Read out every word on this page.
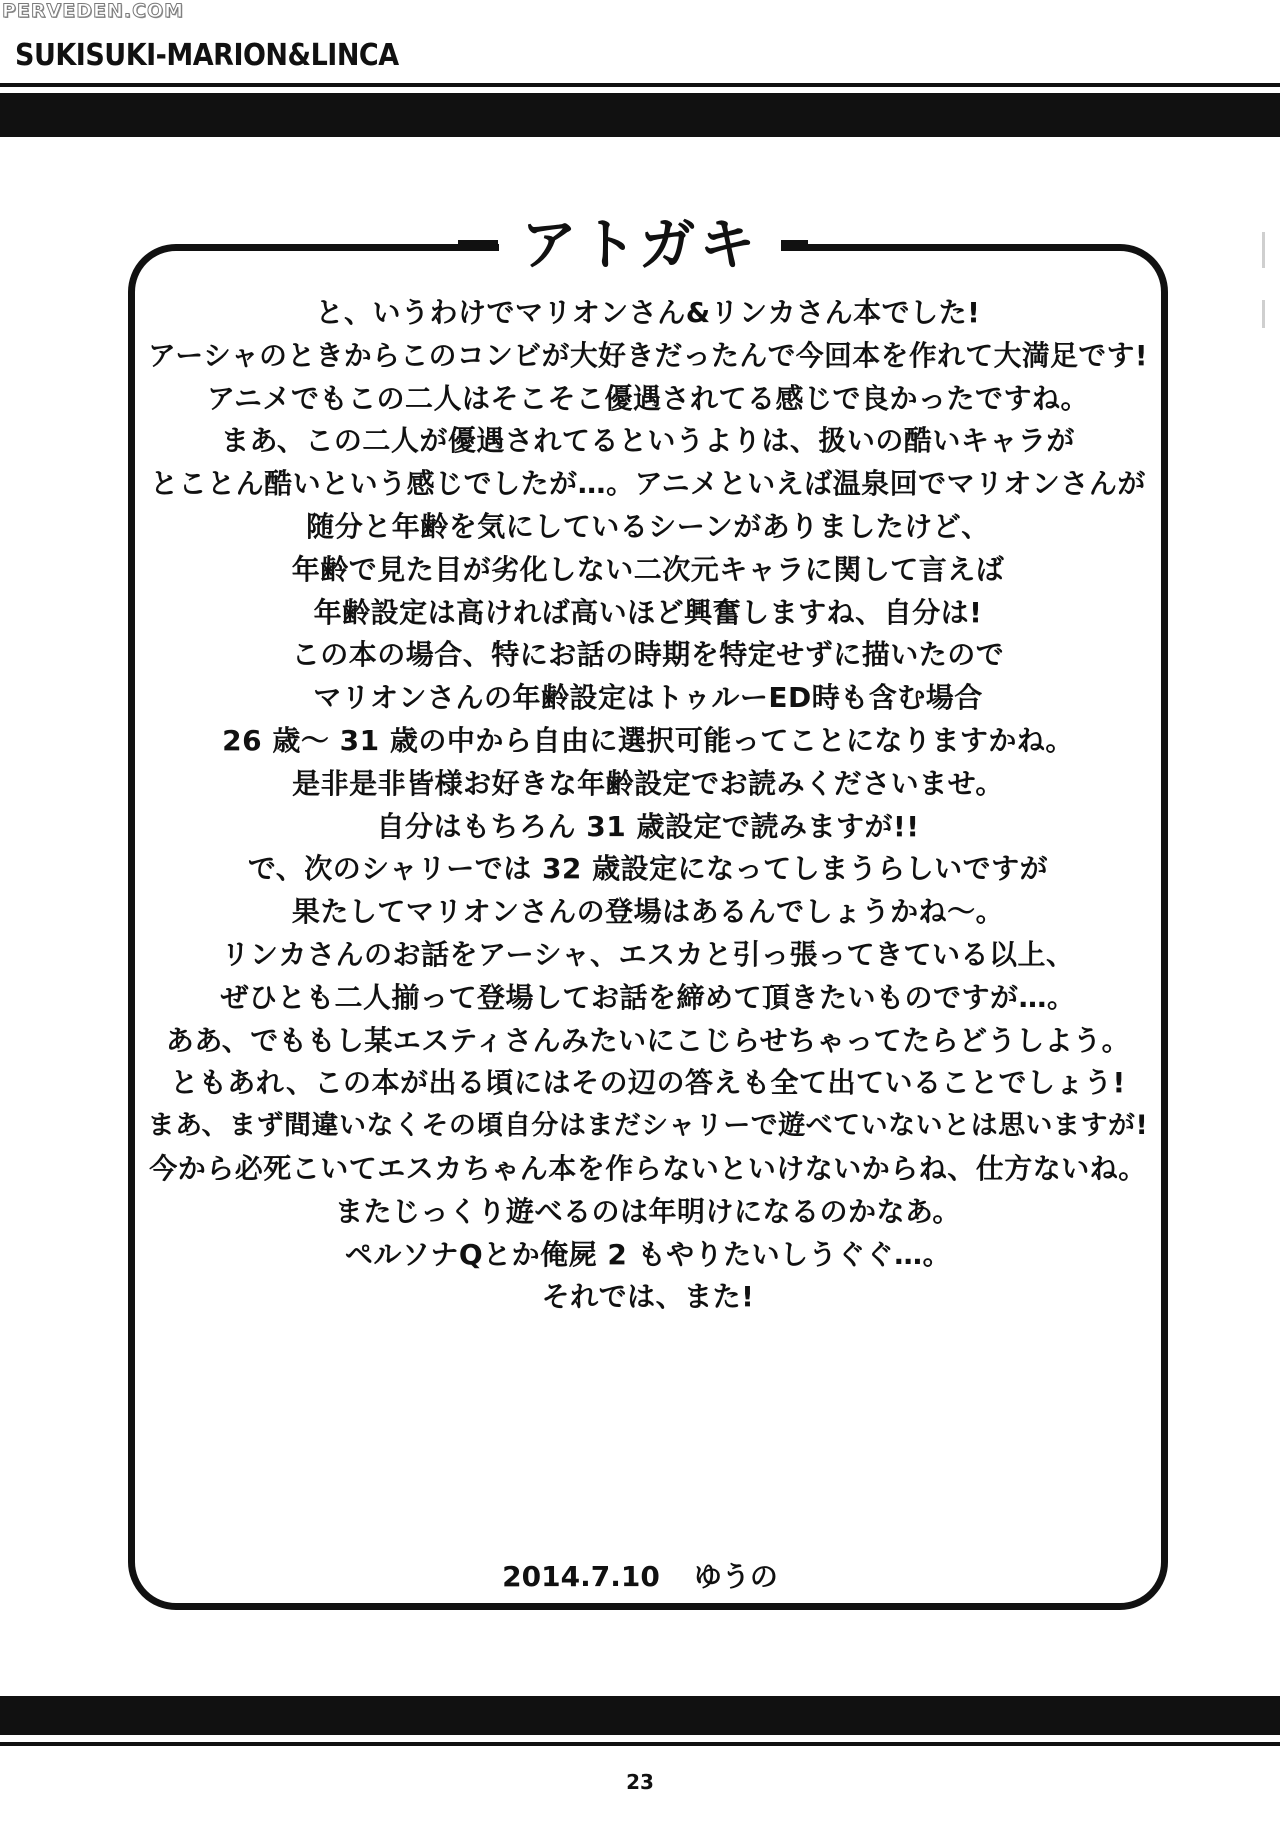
PERVEDEN.COM
SUKISUKI-MARION&LINCA
アトガキ
と、いうわけでマリオンさん&リンカさん本でした!
アーシャのときからこのコンビが大好きだったんで今回本を作れて大満足です!
アニメでもこの二人はそこそこ優遇されてる感じで良かったですね。
まあ、この二人が優遇されてるというよりは、扱いの酷いキャラが
とことん酷いという感じでしたが…。アニメといえば温泉回でマリオンさんが
随分と年齢を気にしているシーンがありましたけど、
年齢で見た目が劣化しない二次元キャラに関して言えば
年齢設定は高ければ高いほど興奮しますね、自分は!
この本の場合、特にお話の時期を特定せずに描いたので
マリオンさんの年齢設定はトゥルーED時も含む場合
26 歳～ 31 歳の中から自由に選択可能ってことになりますかね。
是非是非皆様お好きな年齢設定でお読みくださいませ。
自分はもちろん 31 歳設定で読みますが!!
で、次のシャリーでは 32 歳設定になってしまうらしいですが
果たしてマリオンさんの登場はあるんでしょうかね～。
リンカさんのお話をアーシャ、エスカと引っ張ってきている以上、
ぜひとも二人揃って登場してお話を締めて頂きたいものですが…。
ああ、でももし某エスティさんみたいにこじらせちゃってたらどうしよう。
ともあれ、この本が出る頃にはその辺の答えも全て出ていることでしょう!
まあ、まず間違いなくその頃自分はまだシャリーで遊べていないとは思いますが!
今から必死こいてエスカちゃん本を作らないといけないからね、仕方ないね。
またじっくり遊べるのは年明けになるのかなあ。
ペルソナQとか俺屍 2 もやりたいしうぐぐ…。
それでは、また!
2014.7.10 ゆうの
23
